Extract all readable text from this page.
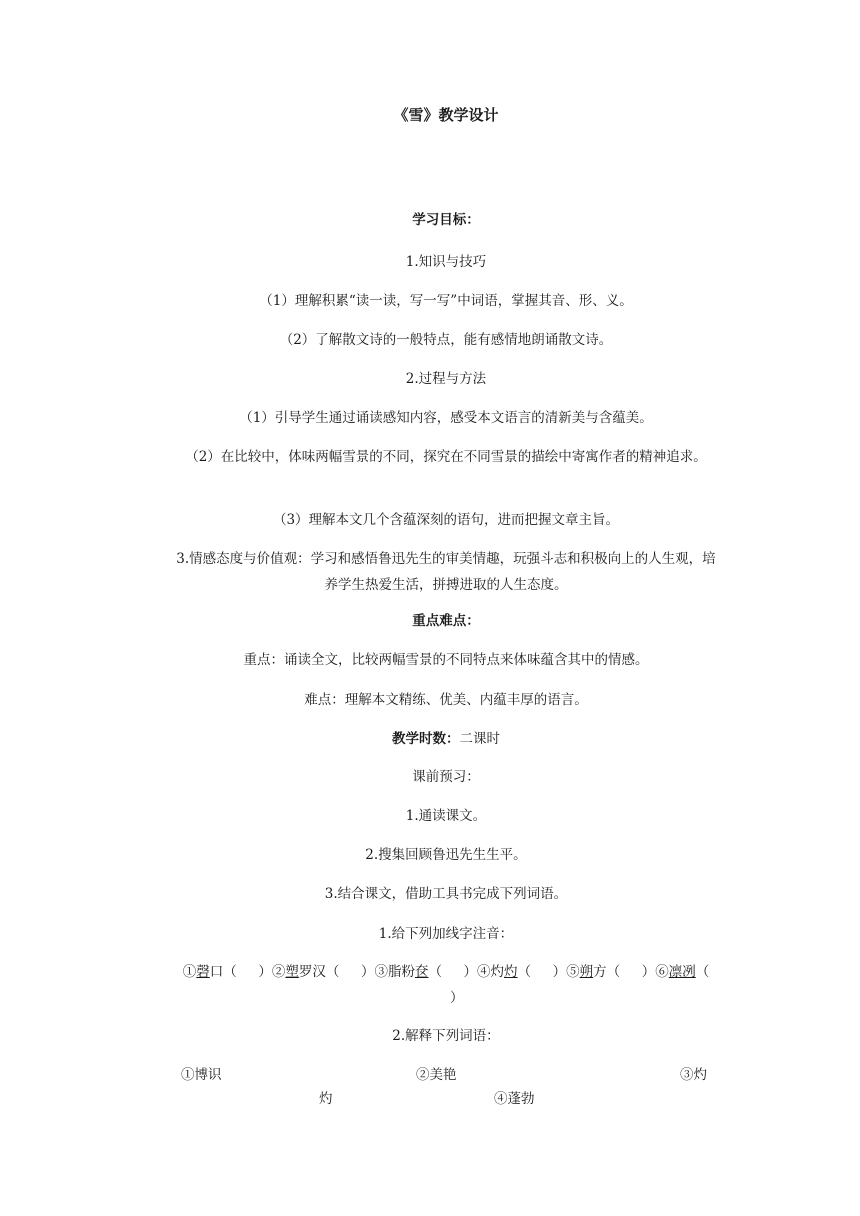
《雪》教学设计
学习目标：
1.知识与技巧
（1）理解积累“读一读，写一写”中词语，掌握其音、形、义。
（2）了解散文诗的一般特点，能有感情地朗诵散文诗。
2.过程与方法
（1）引导学生通过诵读感知内容，感受本文语言的清新美与含蕴美。
（2）在比较中，体味两幅雪景的不同，探究在不同雪景的描绘中寄寓作者的精神追求。
（3）理解本文几个含蕴深刻的语句，进而把握文章主旨。
3.情感态度与价值观：学习和感悟鲁迅先生的审美情趣，玩强斗志和积极向上的人生观，培养学生热爱生活，拼搏进取的人生态度。
重点难点：
重点：诵读全文，比较两幅雪景的不同特点来体味蕴含其中的情感。
难点：理解本文精练、优美、内蕴丰厚的语言。
教学时数：二课时
课前预习：
1.通读课文。
2.搜集回顾鲁迅先生生平。
3.结合课文，借助工具书完成下列词语。
1.给下列加线字注音：
①磬口（ ）②塑罗汉（ ）③脂粉奁（ ）④灼灼（ ）⑤朔方（ ）⑥凛冽（）
2.解释下列词语：
①博识	②美艳	③灼
灼	④蓬勃
